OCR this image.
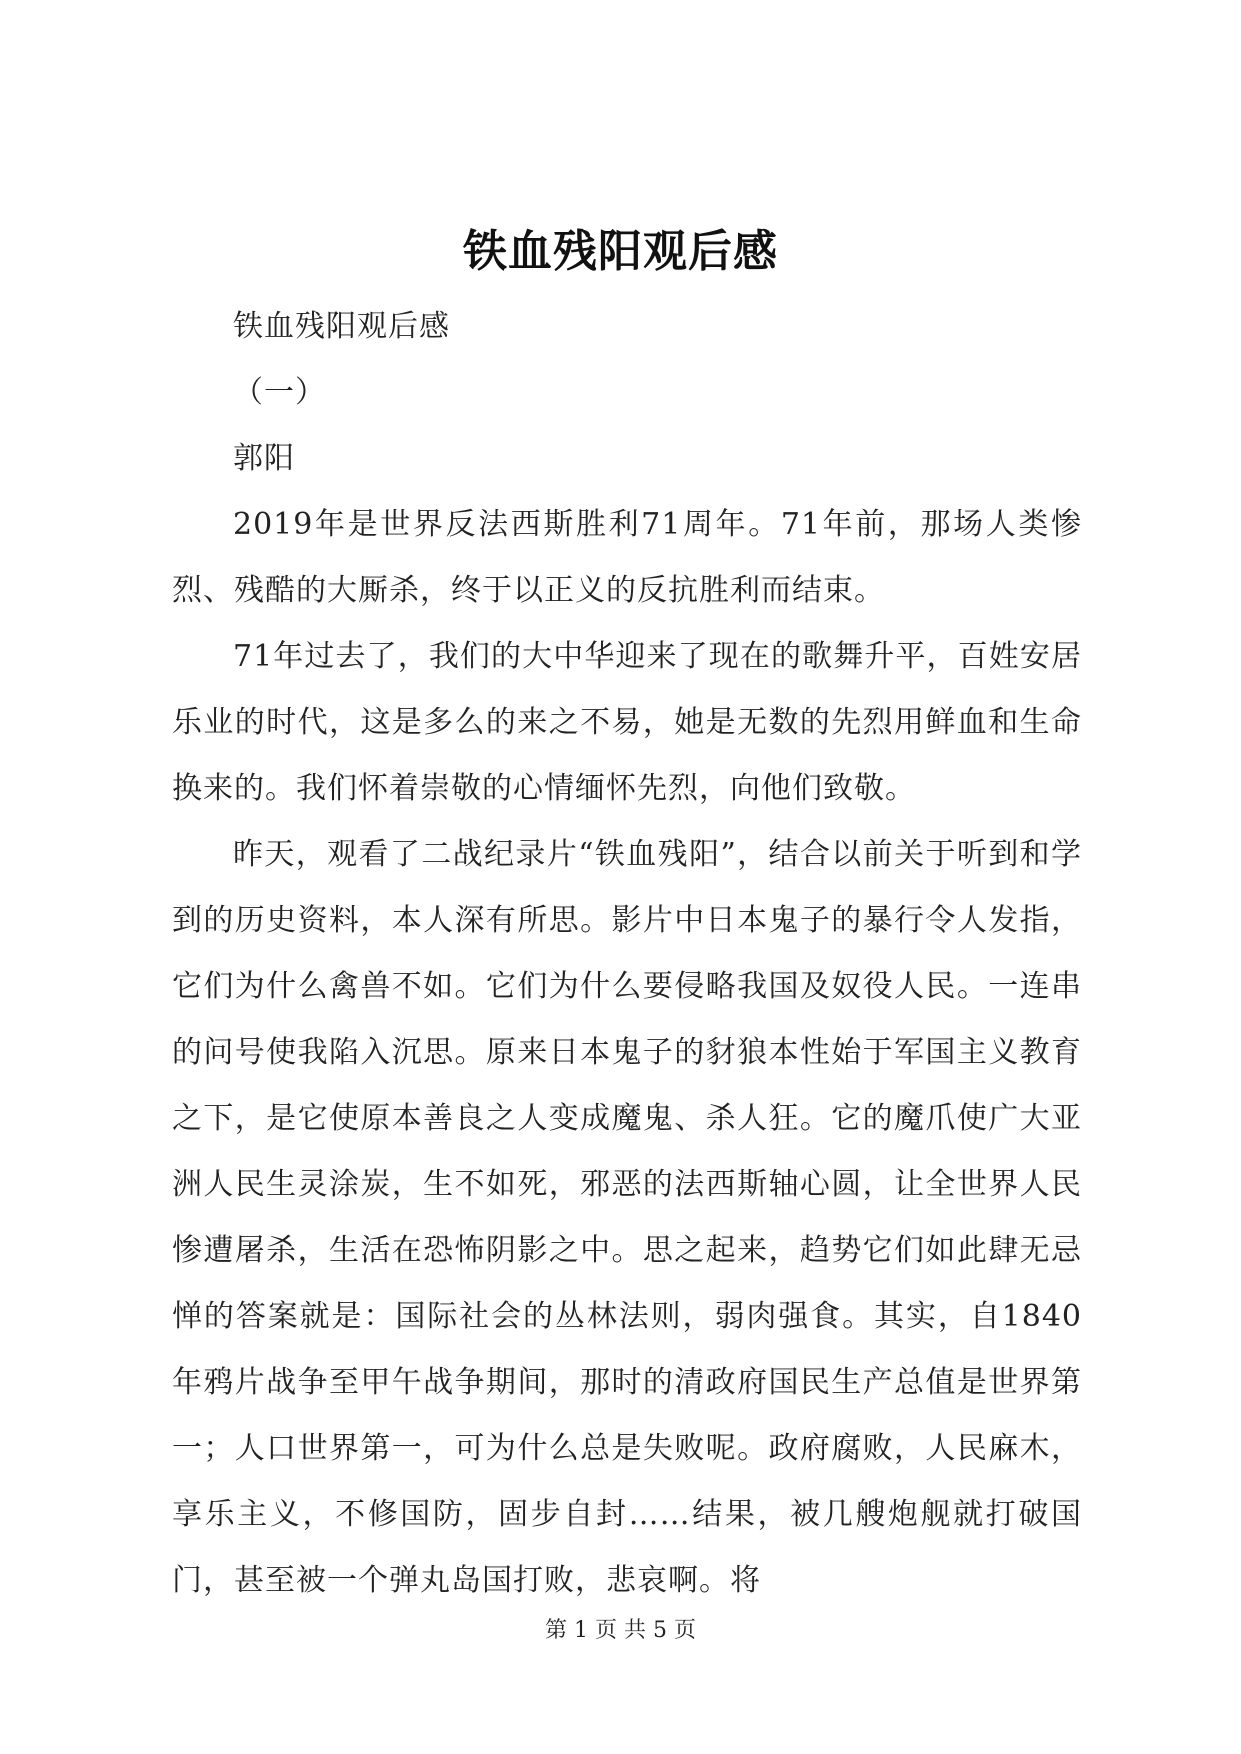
铁血残阳观后感

铁血残阳观后感

（一）

郭阳

2019年是世界反法西斯胜利71周年。71年前，那场人类惨烈、残酷的大厮杀，终于以正义的反抗胜利而结束。

71年过去了，我们的大中华迎来了现在的歌舞升平，百姓安居乐业的时代，这是多么的来之不易，她是无数的先烈用鲜血和生命换来的。我们怀着崇敬的心情缅怀先烈，向他们致敬。

昨天，观看了二战纪录片“铁血残阳”，结合以前关于听到和学到的历史资料，本人深有所思。影片中日本鬼子的暴行令人发指，它们为什么禽兽不如。它们为什么要侵略我国及奴役人民。一连串的问号使我陷入沉思。原来日本鬼子的豺狼本性始于军国主义教育之下，是它使原本善良之人变成魔鬼、杀人狂。它的魔爪使广大亚洲人民生灵涂炭，生不如死，邪恶的法西斯轴心圆，让全世界人民惨遭屠杀，生活在恐怖阴影之中。思之起来，趋势它们如此肆无忌惮的答案就是：国际社会的丛林法则，弱肉强食。其实，自1840年鸦片战争至甲午战争期间，那时的清政府国民生产总值是世界第一；人口世界第一，可为什么总是失败呢。政府腐败，人民麻木，享乐主义，不修国防，固步自封……结果，被几艘炮舰就打破国门，甚至被一个弹丸岛国打败，悲哀啊。将

第 1 页 共 5 页
